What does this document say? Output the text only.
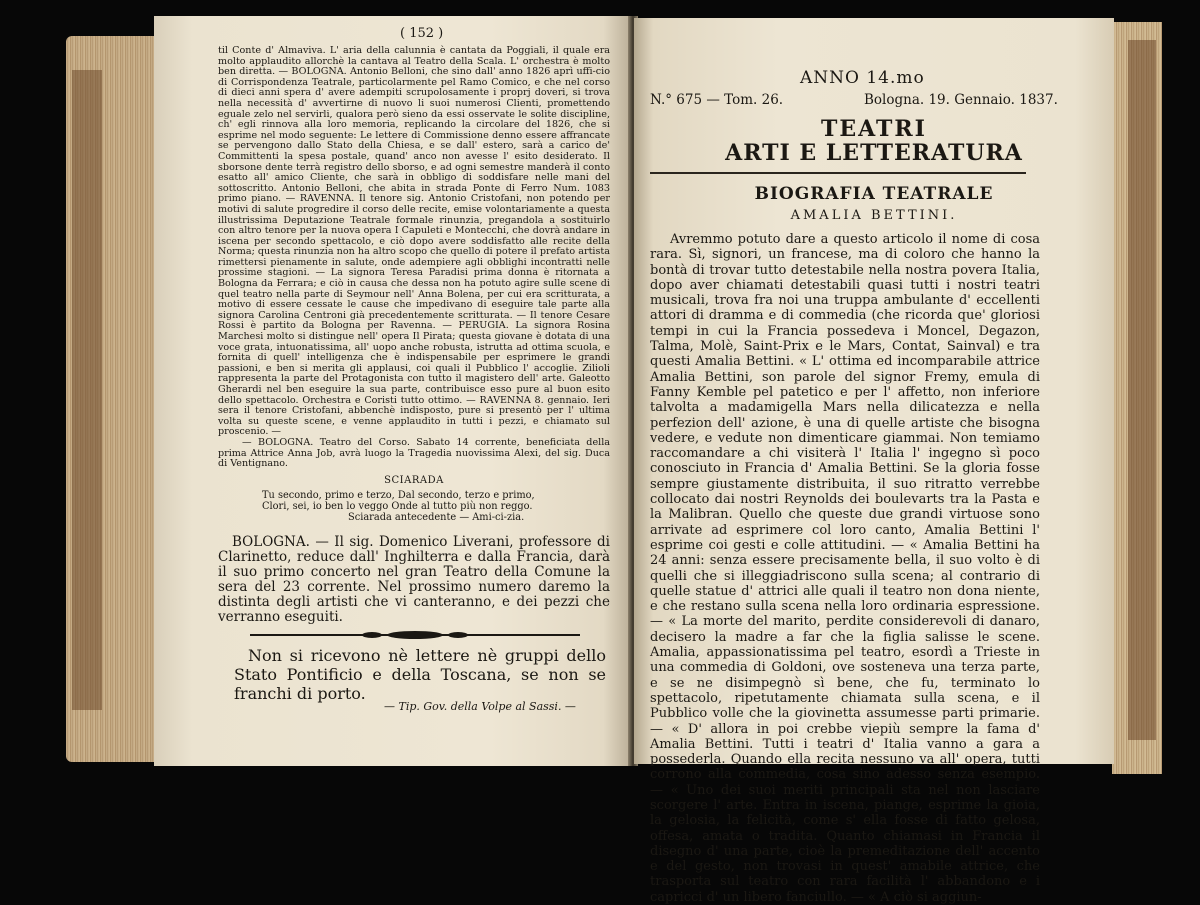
( 152 )

til Conte d' Almaviva. L' aria della calunnia è cantata da Poggiali, il quale era molto applaudito allorchè la cantava al Teatro della Scala. L' orchestra è molto ben diretta. — BOLOGNA. Antonio Belloni, che sino dall' anno 1826 aprì uffi-cio di Corrispondenza Teatrale, particolarmente pel Ramo Comico, e che nel corso di dieci anni spera d' avere adempiti scrupolosamente i proprj doveri, si trova nella necessità d' avvertirne di nuovo li suoi numerosi Clienti, promettendo eguale zelo nel servirli, qualora però sieno da essi osservate le solite discipline, ch' egli rinnova alla loro memoria, replicando la circolare del 1826, che si esprime nel modo seguente: Le lettere di Commissione denno essere affrancate se pervengono dallo Stato della Chiesa, e se dall' estero, sarà a carico de' Committenti la spesa postale, quand' anco non avesse l' esito desiderato. Il sborsone dente terrà registro dello sborso, e ad ogni semestre manderà il conto esatto all' amico Cliente, che sarà in obbligo di soddisfare nelle mani del sottoscritto. Antonio Belloni, che abita in strada Ponte di Ferro Num. 1083 primo piano. — RAVENNA. Il tenore sig. Antonio Cristofani, non potendo per motivi di salute progredire il corso delle recite, emise volontariamente a questa illustrissima Deputazione Teatrale formale rinunzia, pregandola a sostituirlo con altro tenore per la nuova opera I Capuleti e Montecchi, che dovrà andare in iscena per secondo spettacolo, e ciò dopo avere soddisfatto alle recite della Norma; questa rinunzia non ha altro scopo che quello di potere il prefato artista rimettersi pienamente in salute, onde adempiere agli obblighi incontratti nelle prossime stagioni. — La signora Teresa Paradisi prima donna è ritornata a Bologna da Ferrara; e ciò in causa che dessa non ha potuto agire sulle scene di quel teatro nella parte di Seymour nell' Anna Bolena, per cui era scritturata, a motivo di essere cessate le cause che impedivano di eseguire tale parte alla signora Carolina Centroni già precedentemente scritturata. — Il tenore Cesare Rossi è partito da Bologna per Ravenna. — PERUGIA. La signora Rosina Marchesi molto si distingue nell' opera Il Pirata; questa giovane è dotata di una voce grata, intuonatissima, all' uopo anche robusta, istrutta ad ottima scuola, e fornita di quell' intelligenza che è indispensabile per esprimere le grandi passioni, e ben si merita gli applausi, coi quali il Pubblico l' accoglie. Zilioli rappresenta la parte del Protagonista con tutto il magistero dell' arte. Galeotto Gherardi nel ben eseguire la sua parte, contribuisce esso pure al buon esito dello spettacolo. Orchestra e Coristi tutto ottimo. — RAVENNA 8. gennaio. Ieri sera il tenore Cristofani, abbenchè indisposto, pure si presentò per l' ultima volta su queste scene, e venne applaudito in tutti i pezzi, e chiamato sul proscenio. —

— BOLOGNA. Teatro del Corso. Sabato 14 corrente, beneficiata della prima Attrice Anna Job, avrà luogo la Tragedia nuovissima Alexi, del sig. Duca di Ventignano.

SCIARADA

Tu secondo, primo e terzo, Dal secondo, terzo e primo,

Clori, sei, io ben lo veggo Onde al tutto più non reggo.

Sciarada antecedente — Ami-ci-zia.

BOLOGNA. — Il sig. Domenico Liverani, professore di Clarinetto, reduce dall' Inghilterra e dalla Francia, darà il suo primo concerto nel gran Teatro della Comune la sera del 23 corrente. Nel prossimo numero daremo la distinta degli artisti che vi canteranno, e dei pezzi che verranno eseguiti.

Non si ricevono nè lettere nè gruppi dello Stato Pontificio e della Toscana, se non se franchi di porto.
— Tip. Gov. della Volpe al Sassi. —
ANNO 14.mo
N.° 675 — Tom. 26.	Bologna. 19. Gennaio. 1837.
TEATRI
ARTI E LETTERATURA
BIOGRAFIA TEATRALE
AMALIA BETTINI.
Avremmo potuto dare a questo articolo il nome di cosa rara. Sì, signori, un francese, ma di coloro che hanno la bontà di trovar tutto detestabile nella nostra povera Italia, dopo aver chiamati detestabili quasi tutti i nostri teatri musicali, trova fra noi una truppa ambulante d' eccellenti attori di dramma e di commedia (che ricorda que' gloriosi tempi in cui la Francia possedeva i Moncel, Degazon, Talma, Molè, Saint-Prix e le Mars, Contat, Sainval) e tra questi Amalia Bettini. « L' ottima ed incomparabile attrice Amalia Bettini, son parole del signor Fremy, emula di Fanny Kemble pel patetico e per l' affetto, non inferiore talvolta a madamigella Mars nella dilicatezza e nella perfezion dell' azione, è una di quelle artiste che bisogna vedere, e vedute non dimenticare giammai. Non temiamo raccomandare a chi visiterà l' Italia l' ingegno sì poco conosciuto in Francia d' Amalia Bettini. Se la gloria fosse sempre giustamente distribuita, il suo ritratto verrebbe collocato dai nostri Reynolds dei boulevarts tra la Pasta e la Malibran. Quello che queste due grandi virtuose sono arrivate ad esprimere col loro canto, Amalia Bettini l' esprime coi gesti e colle attitudini. — « Amalia Bettini ha 24 anni: senza essere precisamente bella, il suo volto è di quelli che si illeggiadriscono sulla scena; al contrario di quelle statue d' attrici alle quali il teatro non dona niente, e che restano sulla scena nella loro ordinaria espressione. — « La morte del marito, perdite considerevoli di danaro, decisero la madre a far che la figlia salisse le scene. Amalia, appassionatissima pel teatro, esordì a Trieste in una commedia di Goldoni, ove sosteneva una terza parte, e se ne disimpegnò sì bene, che fu, terminato lo spettacolo, ripetutamente chiamata sulla scena, e il Pubblico volle che la giovinetta assumesse parti primarie. — « D' allora in poi crebbe viepiù sempre la fama d' Amalia Bettini. Tutti i teatri d' Italia vanno a gara a possederla. Quando ella recita nessuno va all' opera, tutti corrono alla commedia, cosa sino adesso senza esempio. — « Uno dei suoi meriti principali sta nel non lasciare scorgere l' arte. Entra in iscena, piange, esprime la gioia, la gelosia, la felicità, come s' ella fosse di fatto gelosa, offesa, amata o tradita. Quanto chiamasi in Francia il disegno d' una parte, cioè la premeditazione dell' accento e del gesto, non trovasi in quest' amabile attrice, che trasporta sul teatro con rara facilità l' abbandono e i capricci d' un libero fanciullo. — « A ciò si aggiun-
